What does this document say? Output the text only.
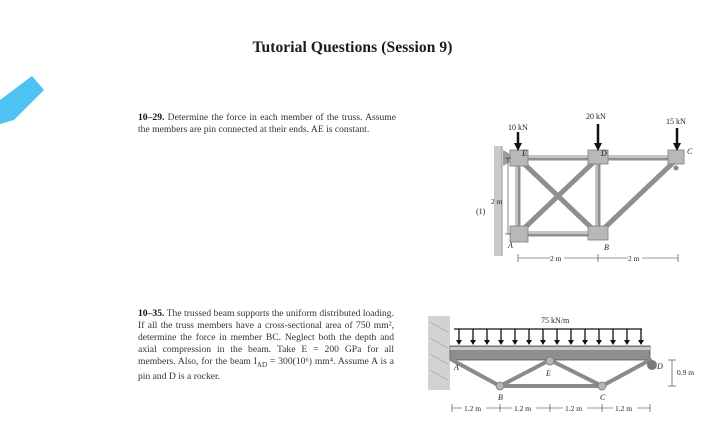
Tutorial Questions (Session 9)
10–29. Determine the force in each member of the truss. Assume the members are pin connected at their ends. AE is constant.
10–35. The trussed beam supports the uniform distributed loading. If all the truss members have a cross-sectional area of 750 mm², determine the force in member BC. Neglect both the depth and axial compression in the beam. Take E = 200 GPa for all members. Also, for the beam $I_{AD} = 300(10^6)$ mm⁴. Assume A is a pin and D is a rocker.
10 kN
20 kN
15 kN
E	D	C
A	B
2 m
(1)
2 m	2 m
75 kN/m
A
B
E
C
D
0.9 m
1.2 m	1.2 m	1.2 m	1.2 m
